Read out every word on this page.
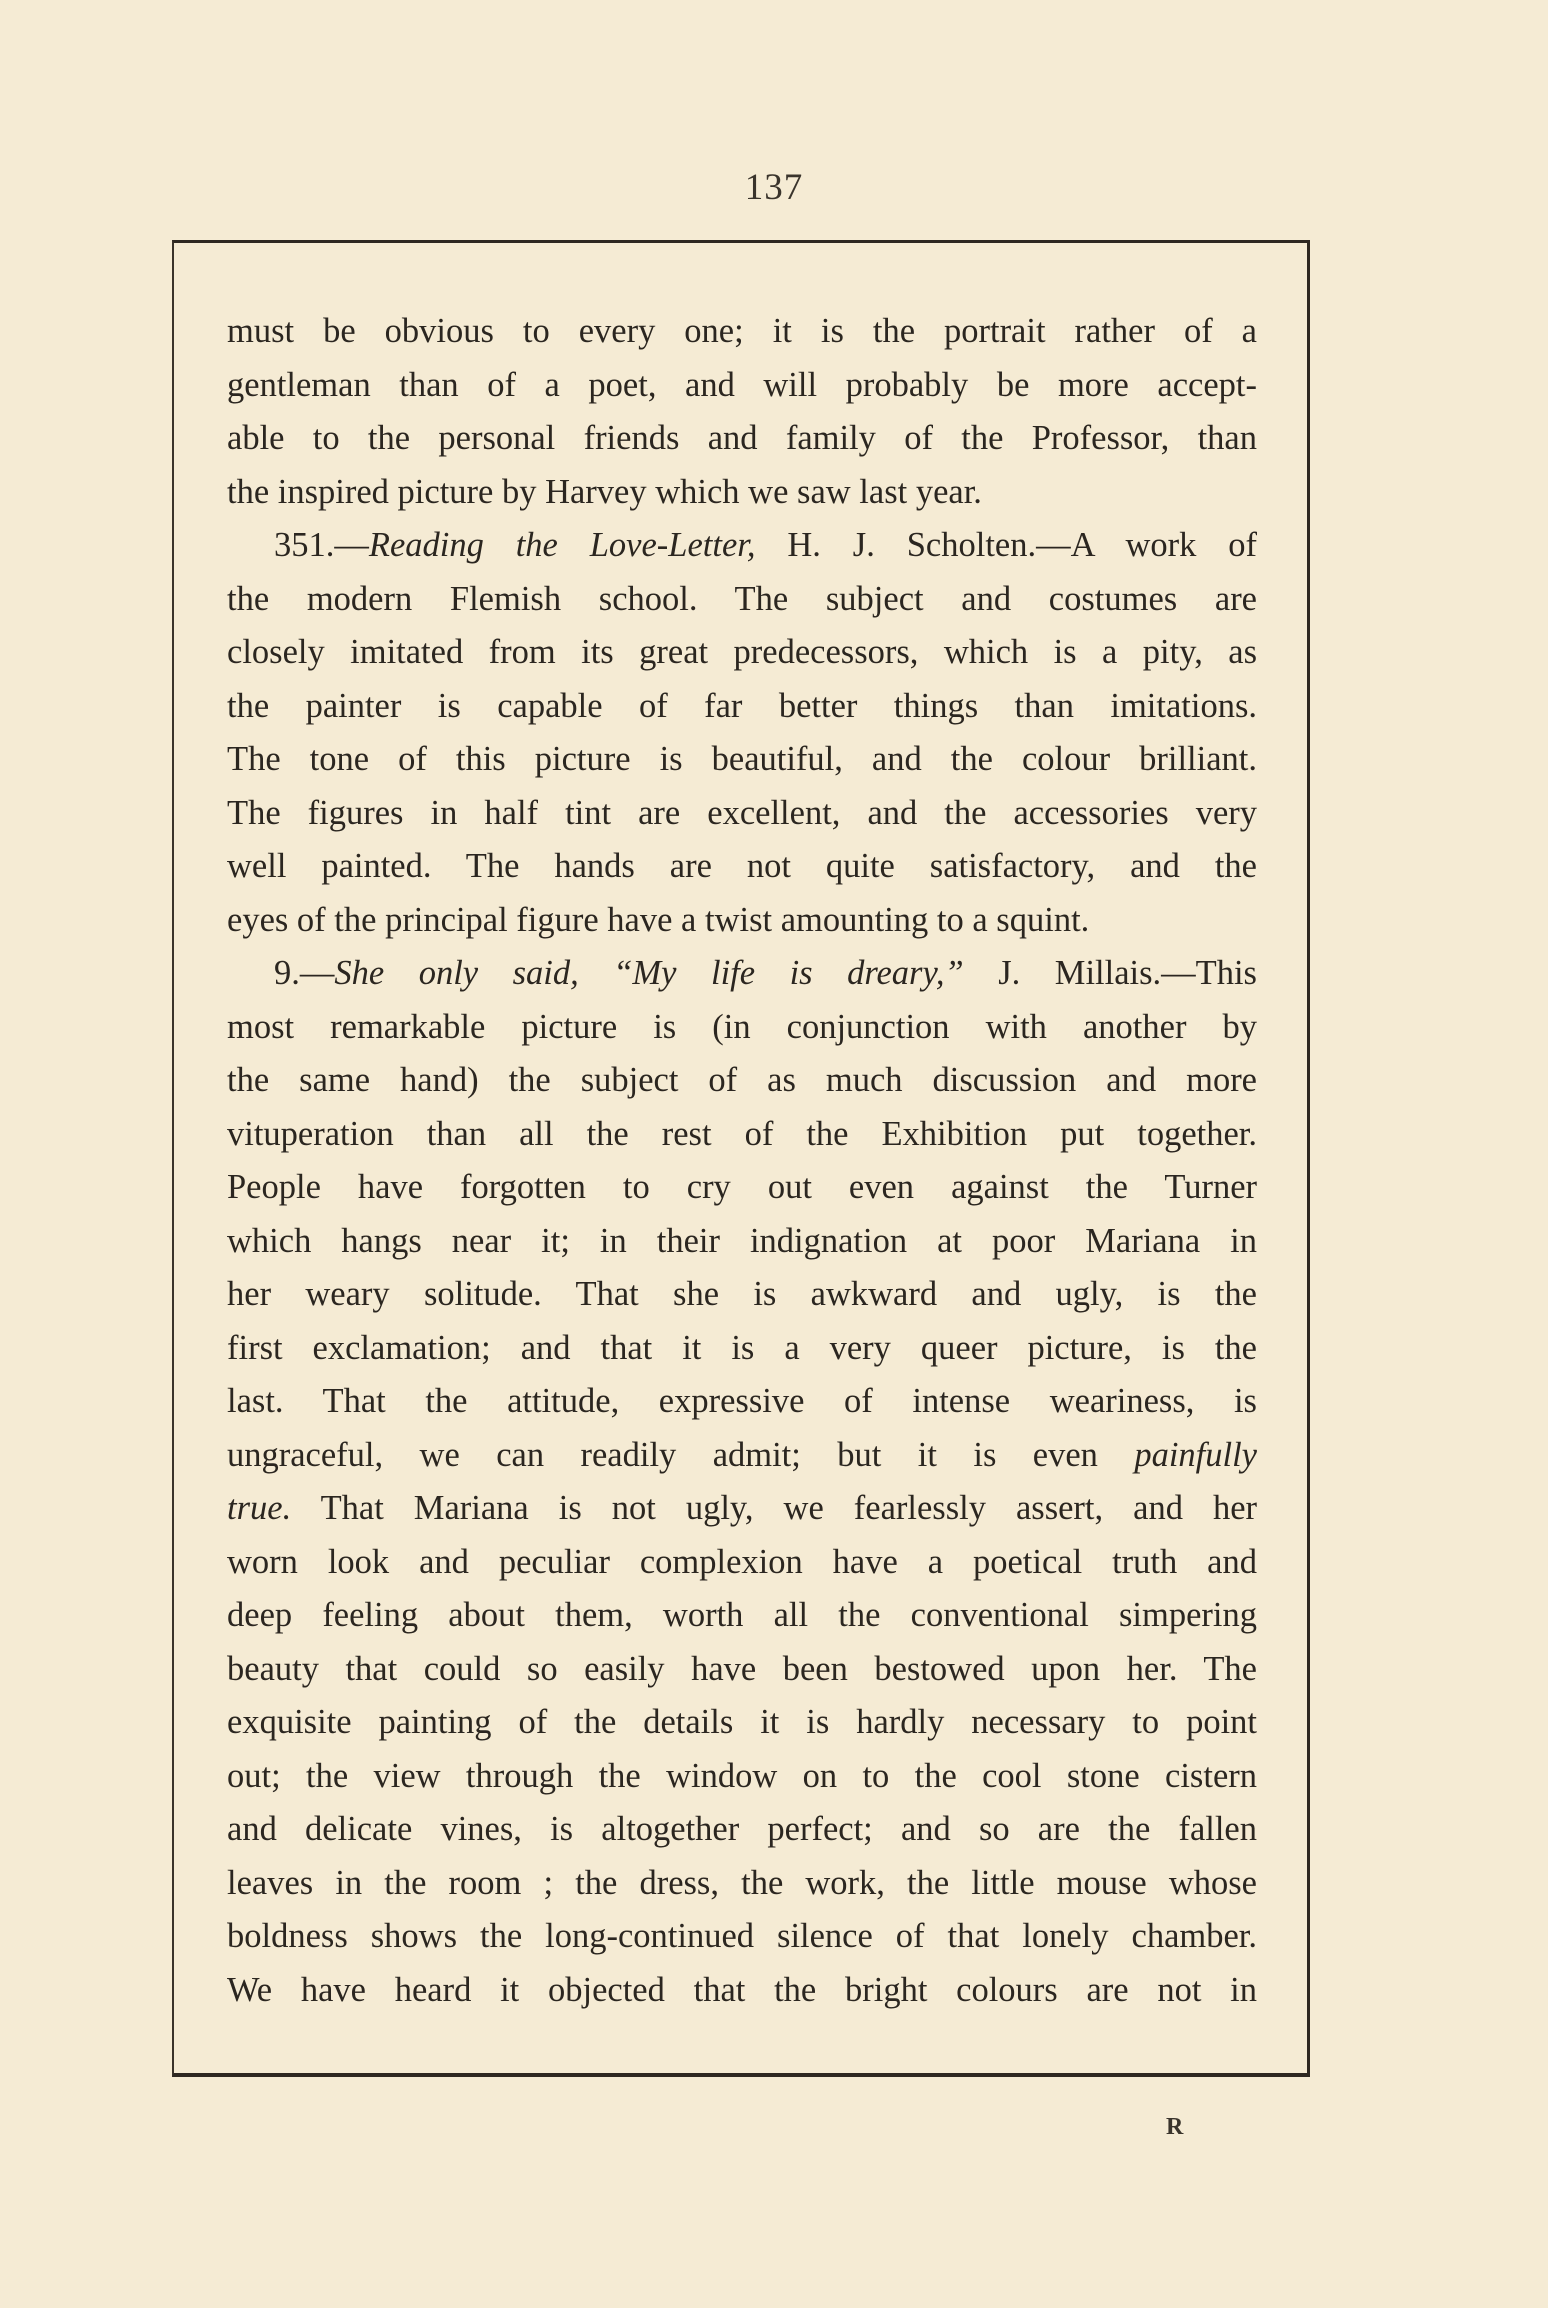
137
must be obvious to every one; it is the portrait rather of a
gentleman than of a poet, and will probably be more accept-
able to the personal friends and family of the Professor, than
the inspired picture by Harvey which we saw last year.
351.—Reading the Love-Letter, H. J. Scholten.—A work of
the modern Flemish school. The subject and costumes are
closely imitated from its great predecessors, which is a pity, as
the painter is capable of far better things than imitations.
The tone of this picture is beautiful, and the colour brilliant.
The figures in half tint are excellent, and the accessories very
well painted. The hands are not quite satisfactory, and the
eyes of the principal figure have a twist amounting to a squint.
9.—She only said, “My life is dreary,” J. Millais.—This
most remarkable picture is (in conjunction with another by
the same hand) the subject of as much discussion and more
vituperation than all the rest of the Exhibition put together.
People have forgotten to cry out even against the Turner
which hangs near it; in their indignation at poor Mariana in
her weary solitude. That she is awkward and ugly, is the
first exclamation; and that it is a very queer picture, is the
last. That the attitude, expressive of intense weariness, is
ungraceful, we can readily admit; but it is even painfully
true. That Mariana is not ugly, we fearlessly assert, and her
worn look and peculiar complexion have a poetical truth and
deep feeling about them, worth all the conventional simpering
beauty that could so easily have been bestowed upon her. The
exquisite painting of the details it is hardly necessary to point
out; the view through the window on to the cool stone cistern
and delicate vines, is altogether perfect; and so are the fallen
leaves in the room ; the dress, the work, the little mouse whose
boldness shows the long-continued silence of that lonely chamber.
We have heard it objected that the bright colours are not in
R
